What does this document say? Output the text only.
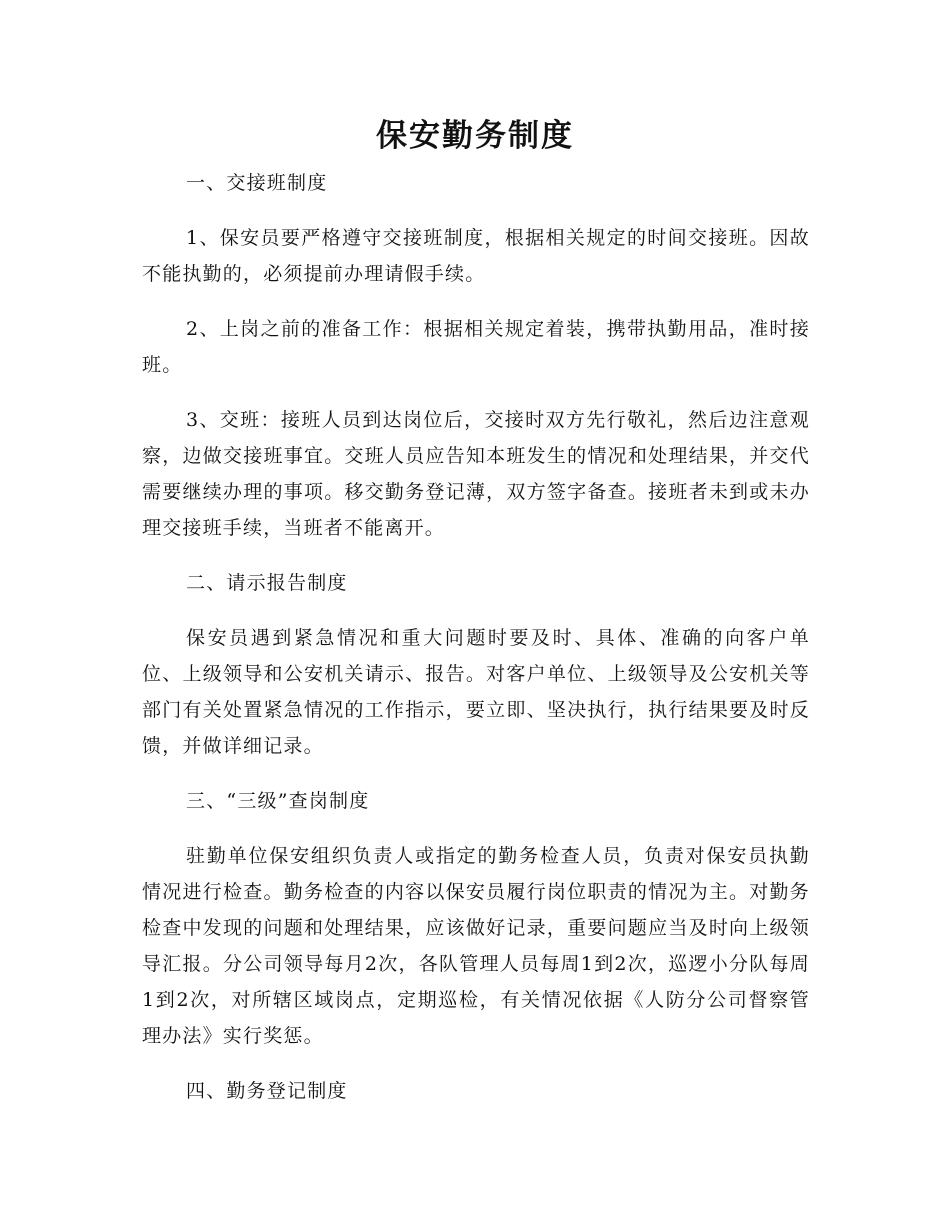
保安勤务制度

一、交接班制度

1、保安员要严格遵守交接班制度，根据相关规定的时间交接班。因故不能执勤的，必须提前办理请假手续。

2、上岗之前的准备工作：根据相关规定着装，携带执勤用品，准时接班。

3、交班：接班人员到达岗位后，交接时双方先行敬礼，然后边注意观察，边做交接班事宜。交班人员应告知本班发生的情况和处理结果，并交代需要继续办理的事项。移交勤务登记薄，双方签字备查。接班者未到或未办理交接班手续，当班者不能离开。

二、请示报告制度

保安员遇到紧急情况和重大问题时要及时、具体、准确的向客户单位、上级领导和公安机关请示、报告。对客户单位、上级领导及公安机关等部门有关处置紧急情况的工作指示，要立即、坚决执行，执行结果要及时反馈，并做详细记录。

三、“三级”查岗制度

驻勤单位保安组织负责人或指定的勤务检查人员，负责对保安员执勤情况进行检查。勤务检查的内容以保安员履行岗位职责的情况为主。对勤务检查中发现的问题和处理结果，应该做好记录，重要问题应当及时向上级领导汇报。分公司领导每月2次，各队管理人员每周1到2次，巡逻小分队每周1到2次，对所辖区域岗点，定期巡检，有关情况依据《人防分公司督察管理办法》实行奖惩。

四、勤务登记制度
